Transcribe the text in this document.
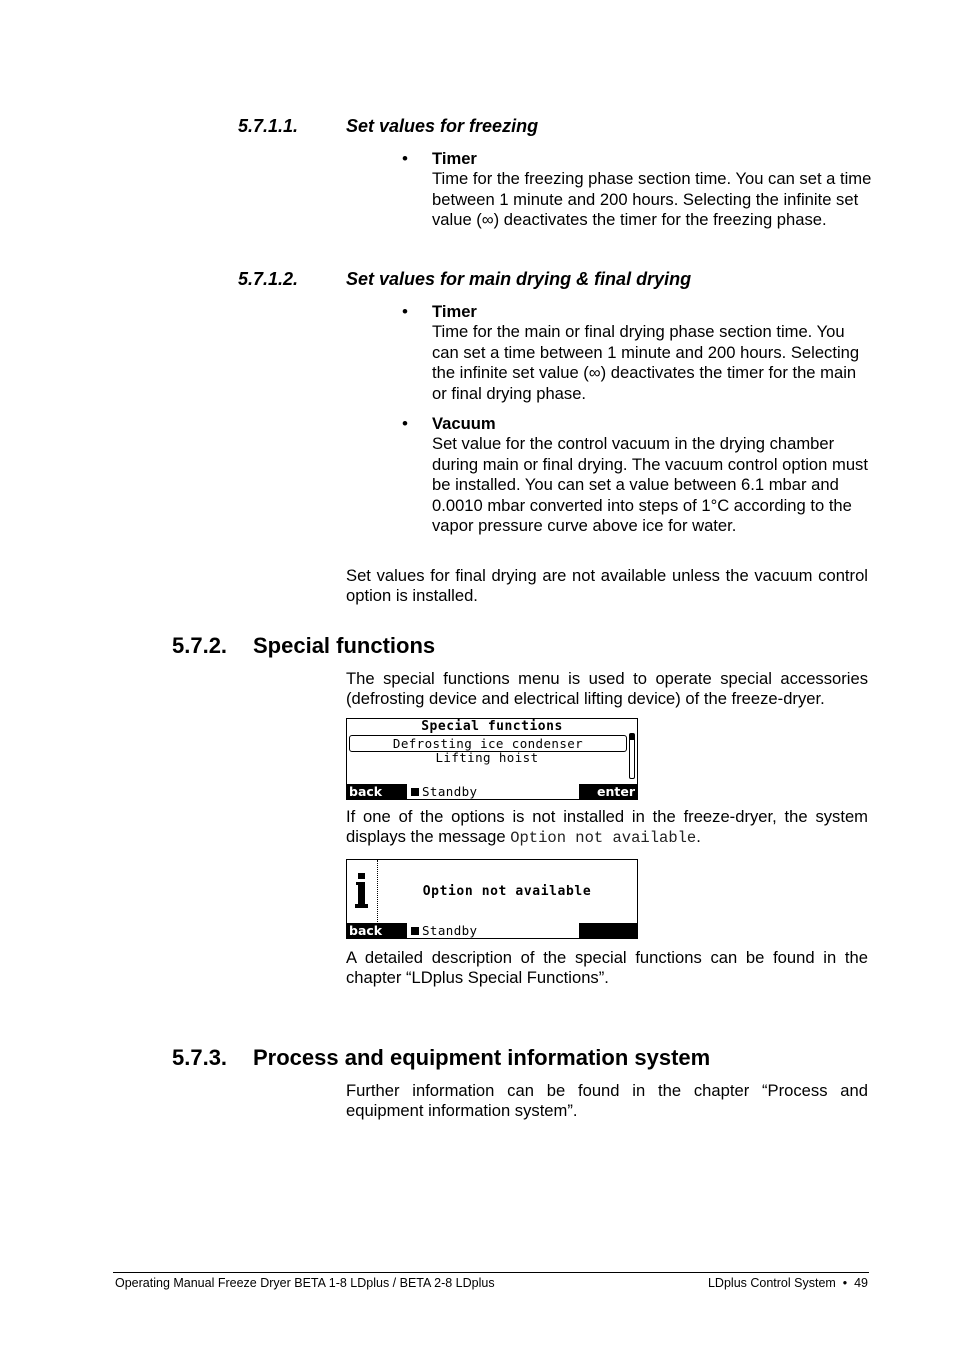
5.7.1.1.	Set values for freezing
• Timer
Time for the freezing phase section time. You can set a time between 1 minute and 200 hours. Selecting the infinite set value (∞) deactivates the timer for the freezing phase.
5.7.1.2.	Set values for main drying & final drying
• Timer
Time for the main or final drying phase section time. You can set a time between 1 minute and 200 hours. Selecting the infinite set value (∞) deactivates the timer for the main or final drying phase.
• Vacuum
Set value for the control vacuum in the drying chamber during main or final drying. The vacuum control option must be installed. You can set a value between 6.1 mbar and 0.0010 mbar converted into steps of 1°C according to the vapor pressure curve above ice for water.
Set values for final drying are not available unless the vacuum control option is installed.
5.7.2. Special functions
The special functions menu is used to operate special accessories (defrosting device and electrical lifting device) of the freeze-dryer.
Special functions
Defrosting ice condenser
Lifting hoist
back	Standby	enter
If one of the options is not installed in the freeze-dryer, the system displays the message Option not available.
Option not available
back	Standby
A detailed description of the special functions can be found in the chapter “LDplus Special Functions”.
5.7.3. Process and equipment information system
Further information can be found in the chapter “Process and equipment information system”.
Operating Manual Freeze Dryer BETA 1-8 LDplus / BETA 2-8 LDplus	LDplus Control System  •  49
